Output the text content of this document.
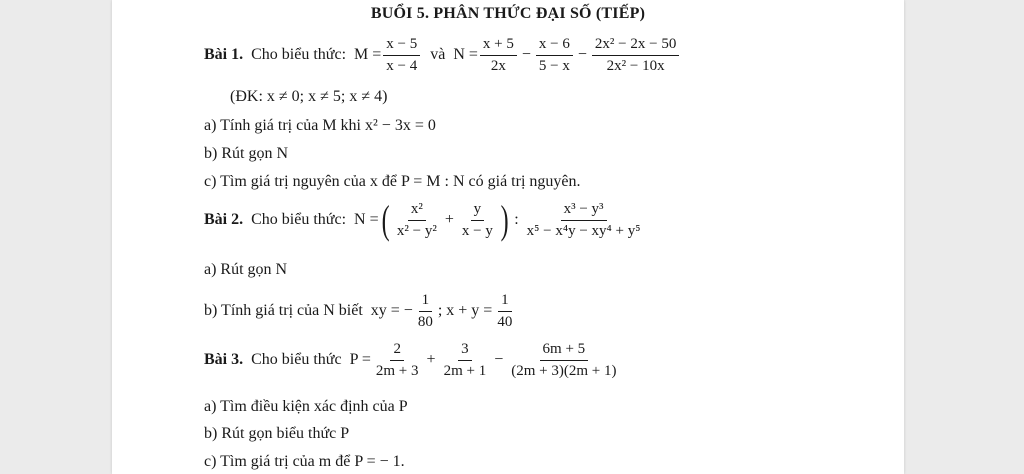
BUỔI 5. PHÂN THỨC ĐẠI SỐ (TIẾP)
Bài 1. Cho biểu thức: $M = \frac{x - 5}{x - 4}$ và $N = \frac{x + 5}{2x} - \frac{x - 6}{5 - x} - \frac{\text{2x² − 2x − 50}}{\text{2x² − 10x}}$
(ĐK: x ≠ 0; x ≠ 5; x ≠ 4)
a) Tính giá trị của M khi x² − 3x = 0
b) Rút gọn N
c) Tìm giá trị nguyên của x để P = M : N có giá trị nguyên.
Bài 2. Cho biểu thức: N = ( $\frac{\text{x²}}{\text{x² − y²}} + \frac{y}{x - y}$ ) : $\frac{\text{x³ − y³}}{\text{x⁵ − x⁴y − xy⁴ + y⁵}}$
a) Rút gọn N
b) Tính giá trị của N biết xy = − $\frac{1}{80}$ ; $x + y = \frac{1}{40}$
Bài 3. Cho biểu thức $P = \frac{2}{2m + 3} + \frac{3}{2m + 1} - \frac{6m + 5}{(2m + 3)(2m + 1)}$
a) Tìm điều kiện xác định của P
b) Rút gọn biểu thức P
c) Tìm giá trị của m để P = − 1.
